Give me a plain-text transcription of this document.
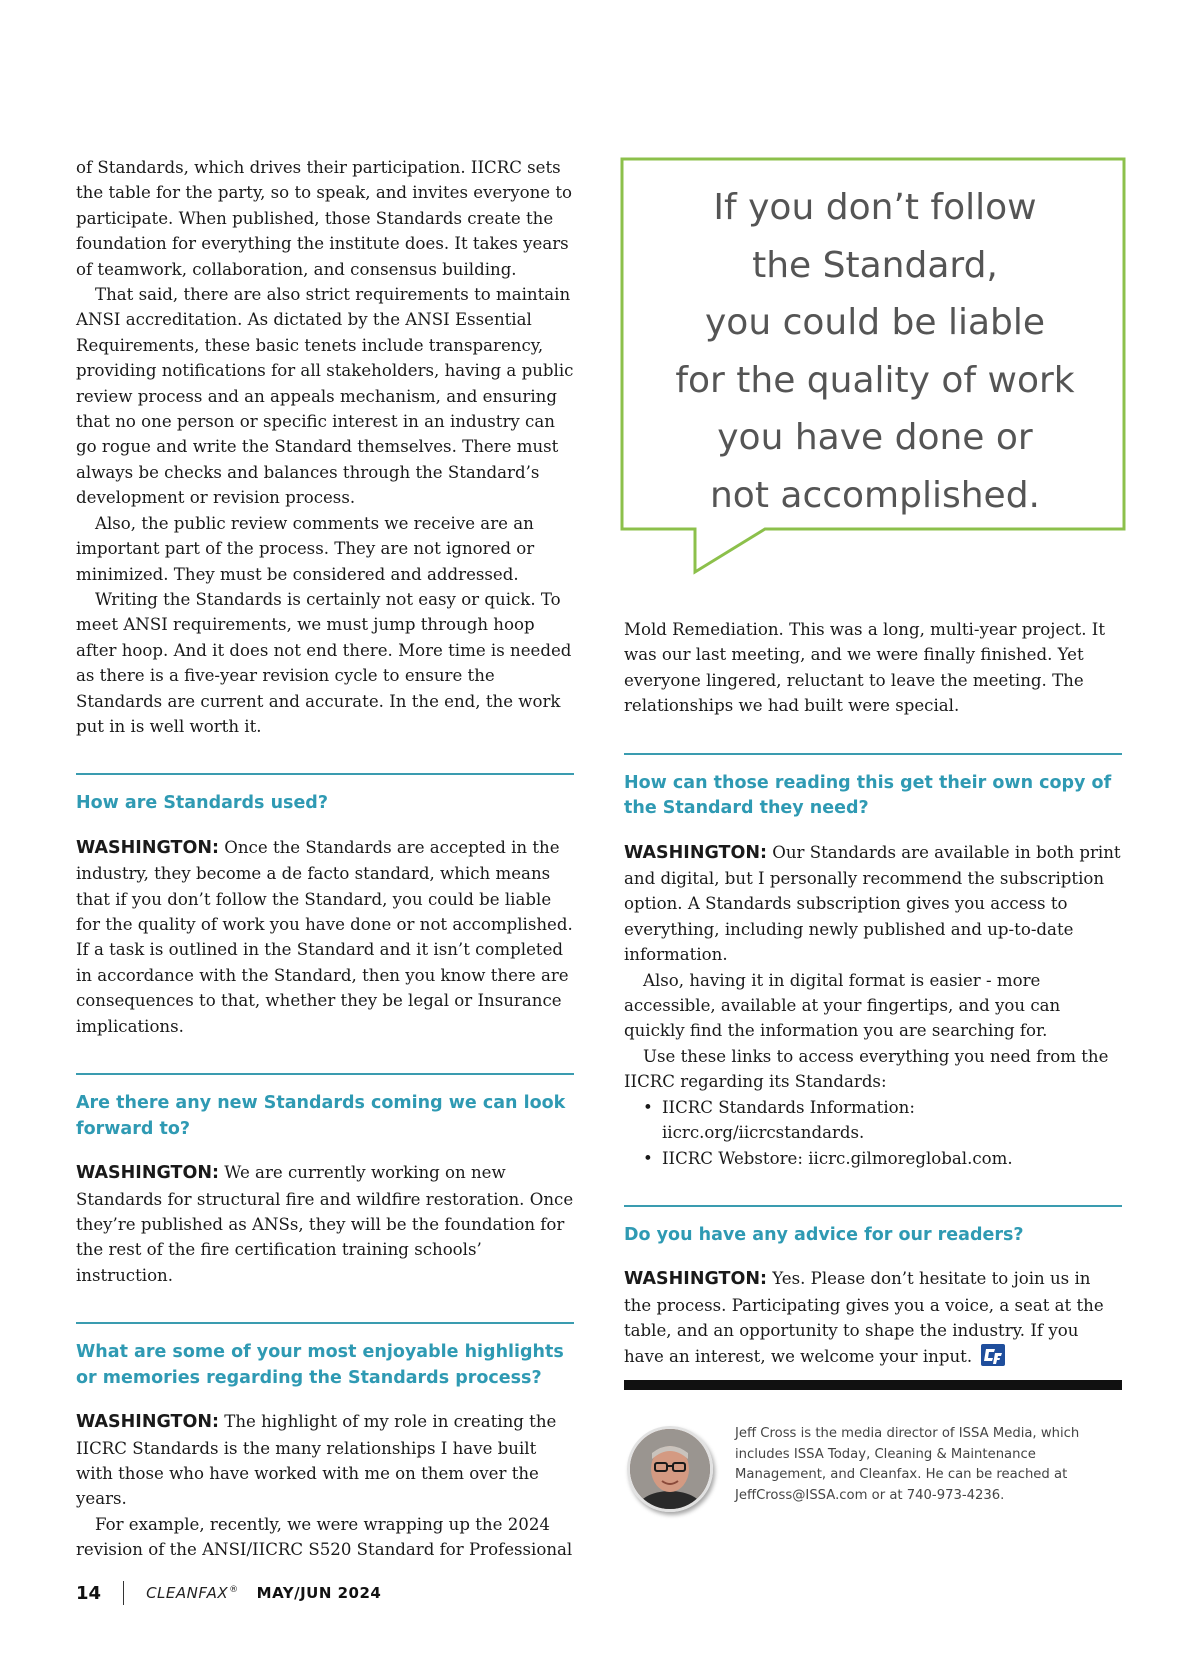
of Standards, which drives their participation. IICRC sets the table for the party, so to speak, and invites everyone to participate. When published, those Standards create the foundation for everything the institute does. It takes years of teamwork, collaboration, and consensus building.

That said, there are also strict requirements to maintain ANSI accreditation. As dictated by the ANSI Essential Requirements, these basic tenets include transparency, providing notifications for all stakeholders, having a public review process and an appeals mechanism, and ensuring that no one person or specific interest in an industry can go rogue and write the Standard themselves. There must always be checks and balances through the Standard’s development or revision process.

Also, the public review comments we receive are an important part of the process. They are not ignored or minimized. They must be considered and addressed.

Writing the Standards is certainly not easy or quick. To meet ANSI requirements, we must jump through hoop after hoop. And it does not end there. More time is needed as there is a five-year revision cycle to ensure the Standards are current and accurate. In the end, the work put in is well worth it.

How are Standards used?

WASHINGTON: Once the Standards are accepted in the industry, they become a de facto standard, which means that if you don’t follow the Standard, you could be liable for the quality of work you have done or not accomplished. If a task is outlined in the Standard and it isn’t completed in accordance with the Standard, then you know there are consequences to that, whether they be legal or Insurance implications.

Are there any new Standards coming we can look forward to?

WASHINGTON: We are currently working on new Standards for structural fire and wildfire restoration. Once they’re published as ANSs, they will be the foundation for the rest of the fire certification training schools’ instruction.

What are some of your most enjoyable highlights or memories regarding the Standards process?

WASHINGTON: The highlight of my role in creating the IICRC Standards is the many relationships I have built with those who have worked with me on them over the years.

For example, recently, we were wrapping up the 2024 revision of the ANSI/IICRC S520 Standard for Professional

If you don’t follow
the Standard,
you could be liable
for the quality of work
you have done or
not accomplished.

Mold Remediation. This was a long, multi-year project. It was our last meeting, and we were finally finished. Yet everyone lingered, reluctant to leave the meeting. The relationships we had built were special.

How can those reading this get their own copy of the Standard they need?

WASHINGTON: Our Standards are available in both print and digital, but I personally recommend the subscription option. A Standards subscription gives you access to everything, including newly published and up-to-date information.

Also, having it in digital format is easier - more accessible, available at your fingertips, and you can quickly find the information you are searching for.

Use these links to access everything you need from the IICRC regarding its Standards:

• IICRC Standards Information: iicrc.org/iicrcstandards.
• IICRC Webstore: iicrc.gilmoreglobal.com.
Do you have any advice for our readers?

WASHINGTON: Yes. Please don’t hesitate to join us in the process. Participating gives you a voice, a seat at the table, and an opportunity to shape the industry. If you have an interest, we welcome your input.

Jeff Cross is the media director of ISSA Media, which includes ISSA Today, Cleaning & Maintenance Management, and Cleanfax. He can be reached at JeffCross@ISSA.com or at 740-973-4236.
14	CLEANFAX® MAY/JUN 2024
